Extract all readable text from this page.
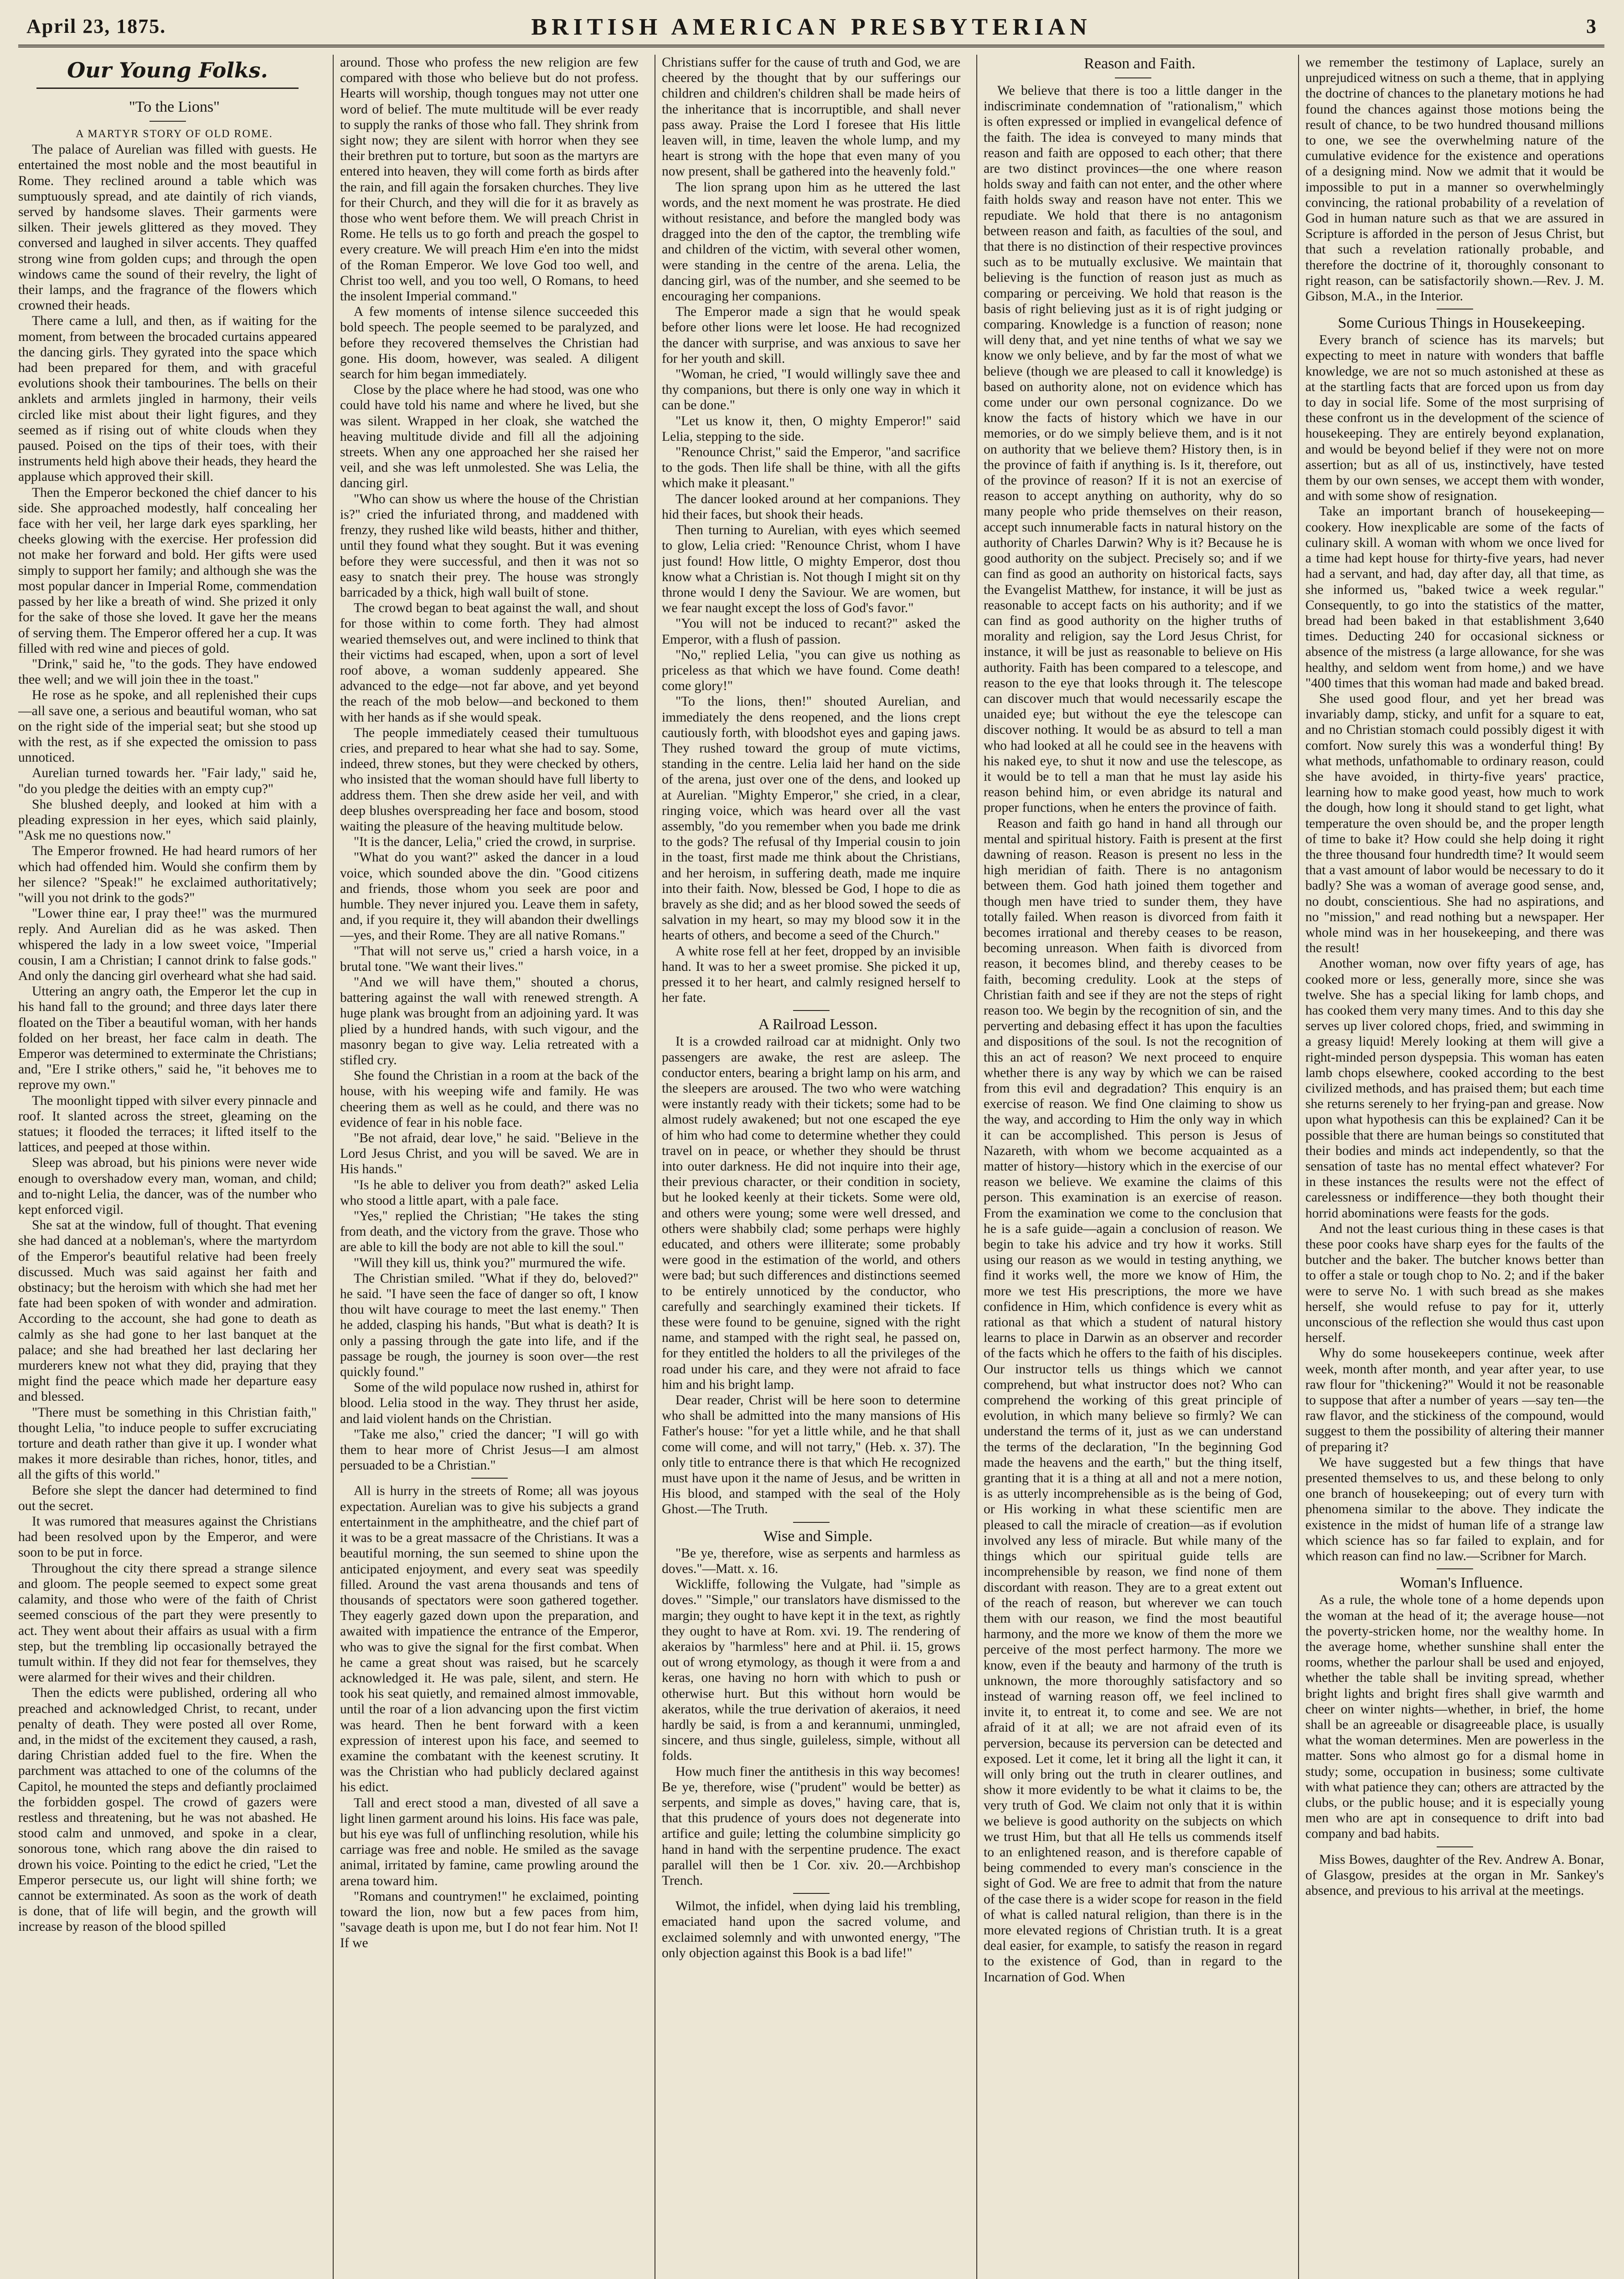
April 23, 1875.	BRITISH AMERICAN PRESBYTERIAN	3
Our Young Folks.

"To the Lions"

A MARTYR STORY OF OLD ROME.

The palace of Aurelian was filled with guests. He entertained the most noble and the most beautiful in Rome. They reclined around a table which was sumptuously spread, and ate daintily of rich viands, served by handsome slaves. Their garments were silken. Their jewels glittered as they moved. They conversed and laughed in silver accents. They quaffed strong wine from golden cups; and through the open windows came the sound of their revelry, the light of their lamps, and the fragrance of the flowers which crowned their heads.

There came a lull, and then, as if waiting for the moment, from between the brocaded curtains appeared the dancing girls. They gyrated into the space which had been prepared for them, and with graceful evolutions shook their tambourines. The bells on their anklets and armlets jingled in harmony, their veils circled like mist about their light figures, and they seemed as if rising out of white clouds when they paused. Poised on the tips of their toes, with their instruments held high above their heads, they heard the applause which approved their skill.

Then the Emperor beckoned the chief dancer to his side. She approached modestly, half concealing her face with her veil, her large dark eyes sparkling, her cheeks glowing with the exercise. Her profession did not make her forward and bold. Her gifts were used simply to support her family; and although she was the most popular dancer in Imperial Rome, commendation passed by her like a breath of wind. She prized it only for the sake of those she loved. It gave her the means of serving them. The Emperor offered her a cup. It was filled with red wine and pieces of gold.

"Drink," said he, "to the gods. They have endowed thee well; and we will join thee in the toast."

He rose as he spoke, and all replenished their cups—all save one, a serious and beautiful woman, who sat on the right side of the imperial seat; but she stood up with the rest, as if she expected the omission to pass unnoticed.

Aurelian turned towards her. "Fair lady," said he, "do you pledge the deities with an empty cup?"

She blushed deeply, and looked at him with a pleading expression in her eyes, which said plainly, "Ask me no questions now."

The Emperor frowned. He had heard rumors of her which had offended him. Would she confirm them by her silence? "Speak!" he exclaimed authoritatively; "will you not drink to the gods?"

"Lower thine ear, I pray thee!" was the murmured reply. And Aurelian did as he was asked. Then whispered the lady in a low sweet voice, "Imperial cousin, I am a Christian; I cannot drink to false gods." And only the dancing girl overheard what she had said.

Uttering an angry oath, the Emperor let the cup in his hand fall to the ground; and three days later there floated on the Tiber a beautiful woman, with her hands folded on her breast, her face calm in death. The Emperor was determined to exterminate the Christians; and, "Ere I strike others," said he, "it behoves me to reprove my own."

The moonlight tipped with silver every pinnacle and roof. It slanted across the street, gleaming on the statues; it flooded the terraces; it lifted itself to the lattices, and peeped at those within.

Sleep was abroad, but his pinions were never wide enough to overshadow every man, woman, and child; and to-night Lelia, the dancer, was of the number who kept enforced vigil.

She sat at the window, full of thought. That evening she had danced at a nobleman's, where the martyrdom of the Emperor's beautiful relative had been freely discussed. Much was said against her faith and obstinacy; but the heroism with which she had met her fate had been spoken of with wonder and admiration. According to the account, she had gone to death as calmly as she had gone to her last banquet at the palace; and she had breathed her last declaring her murderers knew not what they did, praying that they might find the peace which made her departure easy and blessed.

"There must be something in this Christian faith," thought Lelia, "to induce people to suffer excruciating torture and death rather than give it up. I wonder what makes it more desirable than riches, honor, titles, and all the gifts of this world."

Before she slept the dancer had determined to find out the secret.

It was rumored that measures against the Christians had been resolved upon by the Emperor, and were soon to be put in force.

Throughout the city there spread a strange silence and gloom. The people seemed to expect some great calamity, and those who were of the faith of Christ seemed conscious of the part they were presently to act. They went about their affairs as usual with a firm step, but the trembling lip occasionally betrayed the tumult within. If they did not fear for themselves, they were alarmed for their wives and their children.

Then the edicts were published, ordering all who preached and acknowledged Christ, to recant, under penalty of death. They were posted all over Rome, and, in the midst of the excitement they caused, a rash, daring Christian added fuel to the fire. When the parchment was attached to one of the columns of the Capitol, he mounted the steps and defiantly proclaimed the forbidden gospel. The crowd of gazers were restless and threatening, but he was not abashed. He stood calm and unmoved, and spoke in a clear, sonorous tone, which rang above the din raised to drown his voice. Pointing to the edict he cried, "Let the Emperor persecute us, our light will shine forth; we cannot be exterminated. As soon as the work of death is done, that of life will begin, and the growth will increase by reason of the blood spilled

around. Those who profess the new religion are few compared with those who believe but do not profess. Hearts will worship, though tongues may not utter one word of belief. The mute multitude will be ever ready to supply the ranks of those who fall. They shrink from sight now; they are silent with horror when they see their brethren put to torture, but soon as the martyrs are entered into heaven, they will come forth as birds after the rain, and fill again the forsaken churches. They live for their Church, and they will die for it as bravely as those who went before them. We will preach Christ in Rome. He tells us to go forth and preach the gospel to every creature. We will preach Him e'en into the midst of the Roman Emperor. We love God too well, and Christ too well, and you too well, O Romans, to heed the insolent Imperial command."

A few moments of intense silence succeeded this bold speech. The people seemed to be paralyzed, and before they recovered themselves the Christian had gone. His doom, however, was sealed. A diligent search for him began immediately.

Close by the place where he had stood, was one who could have told his name and where he lived, but she was silent. Wrapped in her cloak, she watched the heaving multitude divide and fill all the adjoining streets. When any one approached her she raised her veil, and she was left unmolested. She was Lelia, the dancing girl.

"Who can show us where the house of the Christian is?" cried the infuriated throng, and maddened with frenzy, they rushed like wild beasts, hither and thither, until they found what they sought. But it was evening before they were successful, and then it was not so easy to snatch their prey. The house was strongly barricaded by a thick, high wall built of stone.

The crowd began to beat against the wall, and shout for those within to come forth. They had almost wearied themselves out, and were inclined to think that their victims had escaped, when, upon a sort of level roof above, a woman suddenly appeared. She advanced to the edge—not far above, and yet beyond the reach of the mob below—and beckoned to them with her hands as if she would speak.

The people immediately ceased their tumultuous cries, and prepared to hear what she had to say. Some, indeed, threw stones, but they were checked by others, who insisted that the woman should have full liberty to address them. Then she drew aside her veil, and with deep blushes overspreading her face and bosom, stood waiting the pleasure of the heaving multitude below.

"It is the dancer, Lelia," cried the crowd, in surprise.

"What do you want?" asked the dancer in a loud voice, which sounded above the din. "Good citizens and friends, those whom you seek are poor and humble. They never injured you. Leave them in safety, and, if you require it, they will abandon their dwellings—yes, and their Rome. They are all native Romans."

"That will not serve us," cried a harsh voice, in a brutal tone. "We want their lives."

"And we will have them," shouted a chorus, battering against the wall with renewed strength. A huge plank was brought from an adjoining yard. It was plied by a hundred hands, with such vigour, and the masonry began to give way. Lelia retreated with a stifled cry.

She found the Christian in a room at the back of the house, with his weeping wife and family. He was cheering them as well as he could, and there was no evidence of fear in his noble face.

"Be not afraid, dear love," he said. "Believe in the Lord Jesus Christ, and you will be saved. We are in His hands."

"Is he able to deliver you from death?" asked Lelia who stood a little apart, with a pale face.

"Yes," replied the Christian; "He takes the sting from death, and the victory from the grave. Those who are able to kill the body are not able to kill the soul."

"Will they kill us, think you?" murmured the wife.

The Christian smiled. "What if they do, beloved?" he said. "I have seen the face of danger so oft, I know thou wilt have courage to meet the last enemy." Then he added, clasping his hands, "But what is death? It is only a passing through the gate into life, and if the passage be rough, the journey is soon over—the rest quickly found."

Some of the wild populace now rushed in, athirst for blood. Lelia stood in the way. They thrust her aside, and laid violent hands on the Christian.

"Take me also," cried the dancer; "I will go with them to hear more of Christ Jesus—I am almost persuaded to be a Christian."

All is hurry in the streets of Rome; all was joyous expectation. Aurelian was to give his subjects a grand entertainment in the amphitheatre, and the chief part of it was to be a great massacre of the Christians. It was a beautiful morning, the sun seemed to shine upon the anticipated enjoyment, and every seat was speedily filled. Around the vast arena thousands and tens of thousands of spectators were soon gathered together. They eagerly gazed down upon the preparation, and awaited with impatience the entrance of the Emperor, who was to give the signal for the first combat. When he came a great shout was raised, but he scarcely acknowledged it. He was pale, silent, and stern. He took his seat quietly, and remained almost immovable, until the roar of a lion advancing upon the first victim was heard. Then he bent forward with a keen expression of interest upon his face, and seemed to examine the combatant with the keenest scrutiny. It was the Christian who had publicly declared against his edict.

Tall and erect stood a man, divested of all save a light linen garment around his loins. His face was pale, but his eye was full of unflinching resolution, while his carriage was free and noble. He smiled as the savage animal, irritated by famine, came prowling around the arena toward him.

"Romans and countrymen!" he exclaimed, pointing toward the lion, now but a few paces from him, "savage death is upon me, but I do not fear him. Not I! If we

Christians suffer for the cause of truth and God, we are cheered by the thought that by our sufferings our children and children's children shall be made heirs of the inheritance that is incorruptible, and shall never pass away. Praise the Lord I foresee that His little leaven will, in time, leaven the whole lump, and my heart is strong with the hope that even many of you now present, shall be gathered into the heavenly fold."

The lion sprang upon him as he uttered the last words, and the next moment he was prostrate. He died without resistance, and before the mangled body was dragged into the den of the captor, the trembling wife and children of the victim, with several other women, were standing in the centre of the arena. Lelia, the dancing girl, was of the number, and she seemed to be encouraging her companions.

The Emperor made a sign that he would speak before other lions were let loose. He had recognized the dancer with surprise, and was anxious to save her for her youth and skill.

"Woman, he cried, "I would willingly save thee and thy companions, but there is only one way in which it can be done."

"Let us know it, then, O mighty Emperor!" said Lelia, stepping to the side.

"Renounce Christ," said the Emperor, "and sacrifice to the gods. Then life shall be thine, with all the gifts which make it pleasant."

The dancer looked around at her companions. They hid their faces, but shook their heads.

Then turning to Aurelian, with eyes which seemed to glow, Lelia cried: "Renounce Christ, whom I have just found! How little, O mighty Emperor, dost thou know what a Christian is. Not though I might sit on thy throne would I deny the Saviour. We are women, but we fear naught except the loss of God's favor."

"You will not be induced to recant?" asked the Emperor, with a flush of passion.

"No," replied Lelia, "you can give us nothing as priceless as that which we have found. Come death! come glory!"

"To the lions, then!" shouted Aurelian, and immediately the dens reopened, and the lions crept cautiously forth, with bloodshot eyes and gaping jaws. They rushed toward the group of mute victims, standing in the centre. Lelia laid her hand on the side of the arena, just over one of the dens, and looked up at Aurelian. "Mighty Emperor," she cried, in a clear, ringing voice, which was heard over all the vast assembly, "do you remember when you bade me drink to the gods? The refusal of thy Imperial cousin to join in the toast, first made me think about the Christians, and her heroism, in suffering death, made me inquire into their faith. Now, blessed be God, I hope to die as bravely as she did; and as her blood sowed the seeds of salvation in my heart, so may my blood sow it in the hearts of others, and become a seed of the Church."

A white rose fell at her feet, dropped by an invisible hand. It was to her a sweet promise. She picked it up, pressed it to her heart, and calmly resigned herself to her fate.

A Railroad Lesson.

It is a crowded railroad car at midnight. Only two passengers are awake, the rest are asleep. The conductor enters, bearing a bright lamp on his arm, and the sleepers are aroused. The two who were watching were instantly ready with their tickets; some had to be almost rudely awakened; but not one escaped the eye of him who had come to determine whether they could travel on in peace, or whether they should be thrust into outer darkness. He did not inquire into their age, their previous character, or their condition in society, but he looked keenly at their tickets. Some were old, and others were young; some were well dressed, and others were shabbily clad; some perhaps were highly educated, and others were illiterate; some probably were good in the estimation of the world, and others were bad; but such differences and distinctions seemed to be entirely unnoticed by the conductor, who carefully and searchingly examined their tickets. If these were found to be genuine, signed with the right name, and stamped with the right seal, he passed on, for they entitled the holders to all the privileges of the road under his care, and they were not afraid to face him and his bright lamp.

Dear reader, Christ will be here soon to determine who shall be admitted into the many mansions of His Father's house: "for yet a little while, and he that shall come will come, and will not tarry," (Heb. x. 37). The only title to entrance there is that which He recognized must have upon it the name of Jesus, and be written in His blood, and stamped with the seal of the Holy Ghost.—The Truth.

Wise and Simple.

"Be ye, therefore, wise as serpents and harmless as doves."—Matt. x. 16.

Wickliffe, following the Vulgate, had "simple as doves." "Simple," our translators have dismissed to the margin; they ought to have kept it in the text, as rightly they ought to have at Rom. xvi. 19. The rendering of akeraios by "harmless" here and at Phil. ii. 15, grows out of wrong etymology, as though it were from a and keras, one having no horn with which to push or otherwise hurt. But this without horn would be akeratos, while the true derivation of akeraios, it need hardly be said, is from a and kerannumi, unmingled, sincere, and thus single, guileless, simple, without all folds.

How much finer the antithesis in this way becomes! Be ye, therefore, wise ("prudent" would be better) as serpents, and simple as doves," having care, that is, that this prudence of yours does not degenerate into artifice and guile; letting the columbine simplicity go hand in hand with the serpentine prudence. The exact parallel will then be 1 Cor. xiv. 20.—Archbishop Trench.

Wilmot, the infidel, when dying laid his trembling, emaciated hand upon the sacred volume, and exclaimed solemnly and with unwonted energy, "The only objection against this Book is a bad life!"

Reason and Faith.

We believe that there is too a little danger in the indiscriminate condemnation of "rationalism," which is often expressed or implied in evangelical defence of the faith. The idea is conveyed to many minds that reason and faith are opposed to each other; that there are two distinct provinces—the one where reason holds sway and faith can not enter, and the other where faith holds sway and reason have not enter. This we repudiate. We hold that there is no antagonism between reason and faith, as faculties of the soul, and that there is no distinction of their respective provinces such as to be mutually exclusive. We maintain that believing is the function of reason just as much as comparing or perceiving. We hold that reason is the basis of right believing just as it is of right judging or comparing. Knowledge is a function of reason; none will deny that, and yet nine tenths of what we say we know we only believe, and by far the most of what we believe (though we are pleased to call it knowledge) is based on authority alone, not on evidence which has come under our own personal cognizance. Do we know the facts of history which we have in our memories, or do we simply believe them, and is it not on authority that we believe them? History then, is in the province of faith if anything is. Is it, therefore, out of the province of reason? If it is not an exercise of reason to accept anything on authority, why do so many people who pride themselves on their reason, accept such innumerable facts in natural history on the authority of Charles Darwin? Why is it? Because he is good authority on the subject. Precisely so; and if we can find as good an authority on historical facts, says the Evangelist Matthew, for instance, it will be just as reasonable to accept facts on his authority; and if we can find as good authority on the higher truths of morality and religion, say the Lord Jesus Christ, for instance, it will be just as reasonable to believe on His authority. Faith has been compared to a telescope, and reason to the eye that looks through it. The telescope can discover much that would necessarily escape the unaided eye; but without the eye the telescope can discover nothing. It would be as absurd to tell a man who had looked at all he could see in the heavens with his naked eye, to shut it now and use the telescope, as it would be to tell a man that he must lay aside his reason behind him, or even abridge its natural and proper functions, when he enters the province of faith.

Reason and faith go hand in hand all through our mental and spiritual history. Faith is present at the first dawning of reason. Reason is present no less in the high meridian of faith. There is no antagonism between them. God hath joined them together and though men have tried to sunder them, they have totally failed. When reason is divorced from faith it becomes irrational and thereby ceases to be reason, becoming unreason. When faith is divorced from reason, it becomes blind, and thereby ceases to be faith, becoming credulity. Look at the steps of Christian faith and see if they are not the steps of right reason too. We begin by the recognition of sin, and the perverting and debasing effect it has upon the faculties and dispositions of the soul. Is not the recognition of this an act of reason? We next proceed to enquire whether there is any way by which we can be raised from this evil and degradation? This enquiry is an exercise of reason. We find One claiming to show us the way, and according to Him the only way in which it can be accomplished. This person is Jesus of Nazareth, with whom we become acquainted as a matter of history—history which in the exercise of our reason we believe. We examine the claims of this person. This examination is an exercise of reason. From the examination we come to the conclusion that he is a safe guide—again a conclusion of reason. We begin to take his advice and try how it works. Still using our reason as we would in testing anything, we find it works well, the more we know of Him, the more we test His prescriptions, the more we have confidence in Him, which confidence is every whit as rational as that which a student of natural history learns to place in Darwin as an observer and recorder of the facts which he offers to the faith of his disciples. Our instructor tells us things which we cannot comprehend, but what instructor does not? Who can comprehend the working of this great principle of evolution, in which many believe so firmly? We can understand the terms of it, just as we can understand the terms of the declaration, "In the beginning God made the heavens and the earth," but the thing itself, granting that it is a thing at all and not a mere notion, is as utterly incomprehensible as is the being of God, or His working in what these scientific men are pleased to call the miracle of creation—as if evolution involved any less of miracle. But while many of the things which our spiritual guide tells are incomprehensible by reason, we find none of them discordant with reason. They are to a great extent out of the reach of reason, but wherever we can touch them with our reason, we find the most beautiful harmony, and the more we know of them the more we perceive of the most perfect harmony. The more we know, even if the beauty and harmony of the truth is unknown, the more thoroughly satisfactory and so instead of warning reason off, we feel inclined to invite it, to entreat it, to come and see. We are not afraid of it at all; we are not afraid even of its perversion, because its perversion can be detected and exposed. Let it come, let it bring all the light it can, it will only bring out the truth in clearer outlines, and show it more evidently to be what it claims to be, the very truth of God. We claim not only that it is within we believe is good authority on the subjects on which we trust Him, but that all He tells us commends itself to an enlightened reason, and is therefore capable of being commended to every man's conscience in the sight of God. We are free to admit that from the nature of the case there is a wider scope for reason in the field of what is called natural religion, than there is in the more elevated regions of Christian truth. It is a great deal easier, for example, to satisfy the reason in regard to the existence of God, than in regard to the Incarnation of God. When

we remember the testimony of Laplace, surely an unprejudiced witness on such a theme, that in applying the doctrine of chances to the planetary motions he had found the chances against those motions being the result of chance, to be two hundred thousand millions to one, we see the overwhelming nature of the cumulative evidence for the existence and operations of a designing mind. Now we admit that it would be impossible to put in a manner so overwhelmingly convincing, the rational probability of a revelation of God in human nature such as that we are assured in Scripture is afforded in the person of Jesus Christ, but that such a revelation rationally probable, and therefore the doctrine of it, thoroughly consonant to right reason, can be satisfactorily shown.—Rev. J. M. Gibson, M.A., in the Interior.

Some Curious Things in Housekeeping.

Every branch of science has its marvels; but expecting to meet in nature with wonders that baffle knowledge, we are not so much astonished at these as at the startling facts that are forced upon us from day to day in social life. Some of the most surprising of these confront us in the development of the science of housekeeping. They are entirely beyond explanation, and would be beyond belief if they were not on more assertion; but as all of us, instinctively, have tested them by our own senses, we accept them with wonder, and with some show of resignation.

Take an important branch of housekeeping—cookery. How inexplicable are some of the facts of culinary skill. A woman with whom we once lived for a time had kept house for thirty-five years, had never had a servant, and had, day after day, all that time, as she informed us, "baked twice a week regular." Consequently, to go into the statistics of the matter, bread had been baked in that establishment 3,640 times. Deducting 240 for occasional sickness or absence of the mistress (a large allowance, for she was healthy, and seldom went from home,) and we have "400 times that this woman had made and baked bread.

She used good flour, and yet her bread was invariably damp, sticky, and unfit for a square to eat, and no Christian stomach could possibly digest it with comfort. Now surely this was a wonderful thing! By what methods, unfathomable to ordinary reason, could she have avoided, in thirty-five years' practice, learning how to make good yeast, how much to work the dough, how long it should stand to get light, what temperature the oven should be, and the proper length of time to bake it? How could she help doing it right the three thousand four hundredth time? It would seem that a vast amount of labor would be necessary to do it badly? She was a woman of average good sense, and, no doubt, conscientious. She had no aspirations, and no "mission," and read nothing but a newspaper. Her whole mind was in her housekeeping, and there was the result!

Another woman, now over fifty years of age, has cooked more or less, generally more, since she was twelve. She has a special liking for lamb chops, and has cooked them very many times. And to this day she serves up liver colored chops, fried, and swimming in a greasy liquid! Merely looking at them will give a right-minded person dyspepsia. This woman has eaten lamb chops elsewhere, cooked according to the best civilized methods, and has praised them; but each time she returns serenely to her frying-pan and grease. Now upon what hypothesis can this be explained? Can it be possible that there are human beings so constituted that their bodies and minds act independently, so that the sensation of taste has no mental effect whatever? For in these instances the results were not the effect of carelessness or indifference—they both thought their horrid abominations were feasts for the gods.

And not the least curious thing in these cases is that these poor cooks have sharp eyes for the faults of the butcher and the baker. The butcher knows better than to offer a stale or tough chop to No. 2; and if the baker were to serve No. 1 with such bread as she makes herself, she would refuse to pay for it, utterly unconscious of the reflection she would thus cast upon herself.

Why do some housekeepers continue, week after week, month after month, and year after year, to use raw flour for "thickening?" Would it not be reasonable to suppose that after a number of years —say ten—the raw flavor, and the stickiness of the compound, would suggest to them the possibility of altering their manner of preparing it?

We have suggested but a few things that have presented themselves to us, and these belong to only one branch of housekeeping; out of every turn with phenomena similar to the above. They indicate the existence in the midst of human life of a strange law which science has so far failed to explain, and for which reason can find no law.—Scribner for March.

Woman's Influence.

As a rule, the whole tone of a home depends upon the woman at the head of it; the average house—not the poverty-stricken home, nor the wealthy home. In the average home, whether sunshine shall enter the rooms, whether the parlour shall be used and enjoyed, whether the table shall be inviting spread, whether bright lights and bright fires shall give warmth and cheer on winter nights—whether, in brief, the home shall be an agreeable or disagreeable place, is usually what the woman determines. Men are powerless in the matter. Sons who almost go for a dismal home in study; some, occupation in business; some cultivate with what patience they can; others are attracted by the clubs, or the public house; and it is especially young men who are apt in consequence to drift into bad company and bad habits.

Miss Bowes, daughter of the Rev. Andrew A. Bonar, of Glasgow, presides at the organ in Mr. Sankey's absence, and previous to his arrival at the meetings.
